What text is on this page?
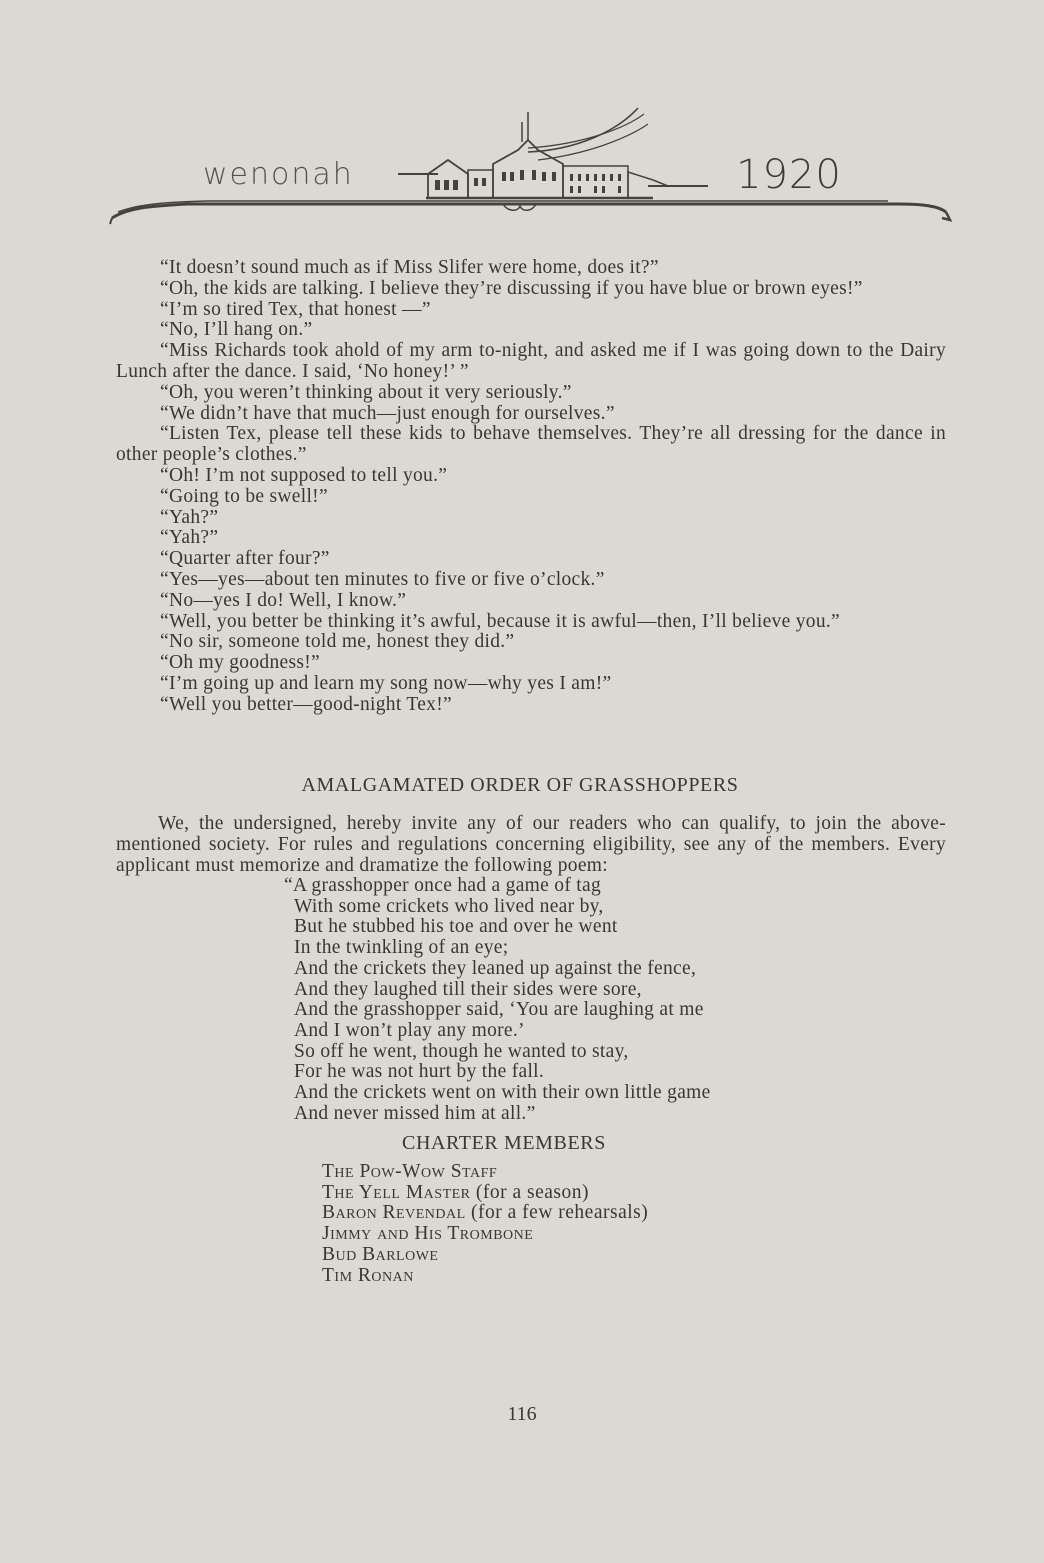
wenonah	1920

“It doesn’t sound much as if Miss Slifer were home, does it?”

“Oh, the kids are talking. I believe they’re discussing if you have blue or brown eyes!”

“I’m so tired Tex, that honest —”

“No, I’ll hang on.”

“Miss Richards took ahold of my arm to-night, and asked me if I was going down to the Dairy Lunch after the dance. I said, ‘No honey!’ ”

“Oh, you weren’t thinking about it very seriously.”

“We didn’t have that much—just enough for ourselves.”

“Listen Tex, please tell these kids to behave themselves. They’re all dressing for the dance in other people’s clothes.”

“Oh! I’m not supposed to tell you.”

“Going to be swell!”

“Yah?”

“Yah?”

“Quarter after four?”

“Yes—yes—about ten minutes to five or five o’clock.”

“No—yes I do! Well, I know.”

“Well, you better be thinking it’s awful, because it is awful—then, I’ll believe you.”

“No sir, someone told me, honest they did.”

“Oh my goodness!”

“I’m going up and learn my song now—why yes I am!”

“Well you better—good-night Tex!”

AMALGAMATED ORDER OF GRASSHOPPERS

We, the undersigned, hereby invite any of our readers who can qualify, to join the above-mentioned society. For rules and regulations concerning eligibility, see any of the members. Every applicant must memorize and dramatize the following poem:

“A grasshopper once had a game of tag
With some crickets who lived near by,
But he stubbed his toe and over he went
In the twinkling of an eye;
And the crickets they leaned up against the fence,
And they laughed till their sides were sore,
And the grasshopper said, ‘You are laughing at me
And I won’t play any more.’
So off he went, though he wanted to stay,
For he was not hurt by the fall.
And the crickets went on with their own little game
And never missed him at all.”
CHARTER MEMBERS
The Pow-Wow Staff
The Yell Master (for a season)
Baron Revendal (for a few rehearsals)
Jimmy and His Trombone
Bud Barlowe
Tim Ronan
116
